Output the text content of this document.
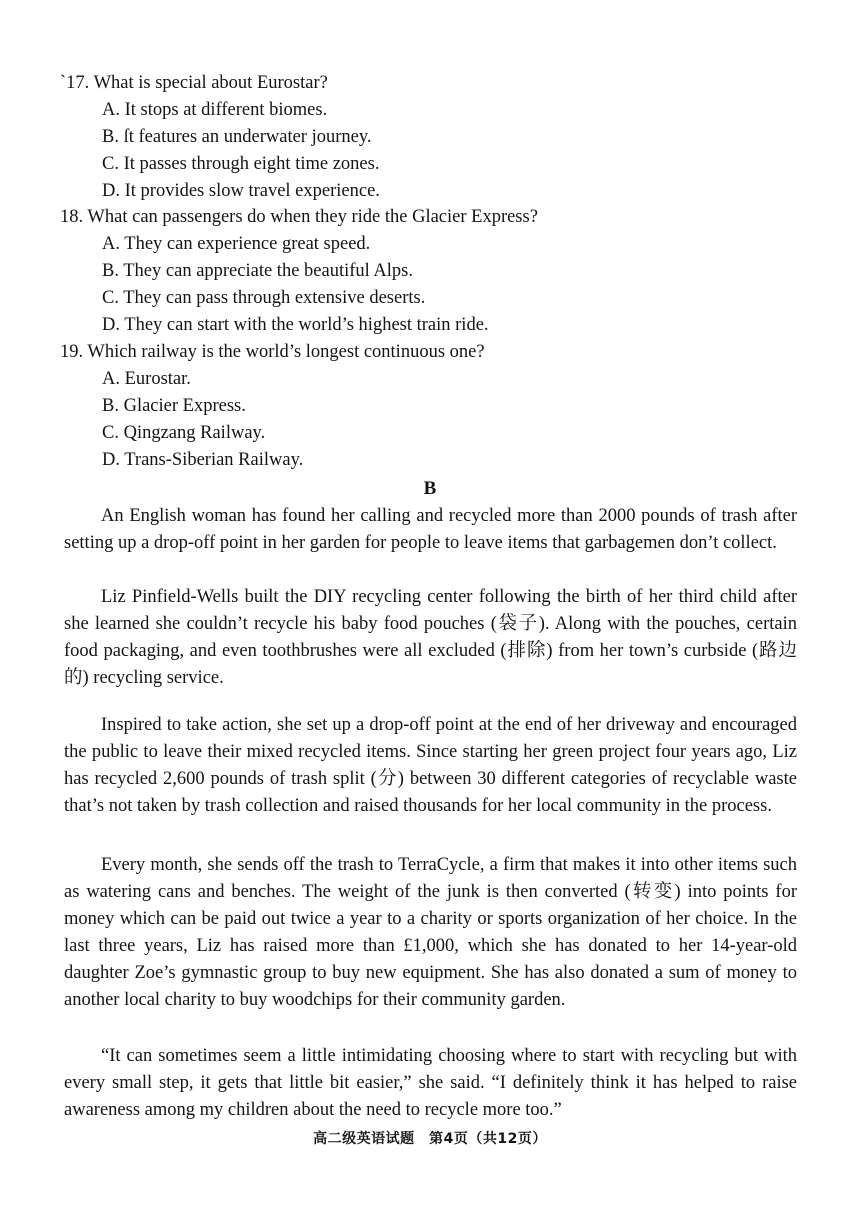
`17. What is special about Eurostar?
A. It stops at different biomes.
B. ſt features an underwater journey.
C. It passes through eight time zones.
D. It provides slow travel experience.
18. What can passengers do when they ride the Glacier Express?
A. They can experience great speed.
B. They can appreciate the beautiful Alps.
C. They can pass through extensive deserts.
D. They can start with the world’s highest train ride.
19. Which railway is the world’s longest continuous one?
A. Eurostar.
B. Glacier Express.
C. Qingzang Railway.
D. Trans-Siberian Railway.
B

An English woman has found her calling and recycled more than 2000 pounds of trash after setting up a drop-off point in her garden for people to leave items that garbagemen don’t collect.

Liz Pinfield-Wells built the DIY recycling center following the birth of her third child after she learned she couldn’t recycle his baby food pouches (袋子). Along with the pouches, certain food packaging, and even toothbrushes were all excluded (排除) from her town’s curbside (路边的) recycling service.

Inspired to take action, she set up a drop-off point at the end of her driveway and encouraged the public to leave their mixed recycled items. Since starting her green project four years ago, Liz has recycled 2,600 pounds of trash split (分) between 30 different categories of recyclable waste that’s not taken by trash collection and raised thousands for her local community in the process.

Every month, she sends off the trash to TerraCycle, a firm that makes it into other items such as watering cans and benches. The weight of the junk is then converted (转变) into points for money which can be paid out twice a year to a charity or sports organization of her choice. In the last three years, Liz has raised more than £1,000, which she has donated to her 14-year-old daughter Zoe’s gymnastic group to buy new equipment. She has also donated a sum of money to another local charity to buy woodchips for their community garden.

“It can sometimes seem a little intimidating choosing where to start with recycling but with every small step, it gets that little bit easier,” she said. “I definitely think it has helped to raise awareness among my children about the need to recycle more too.”

高二级英语试题　第4页（共12页）
